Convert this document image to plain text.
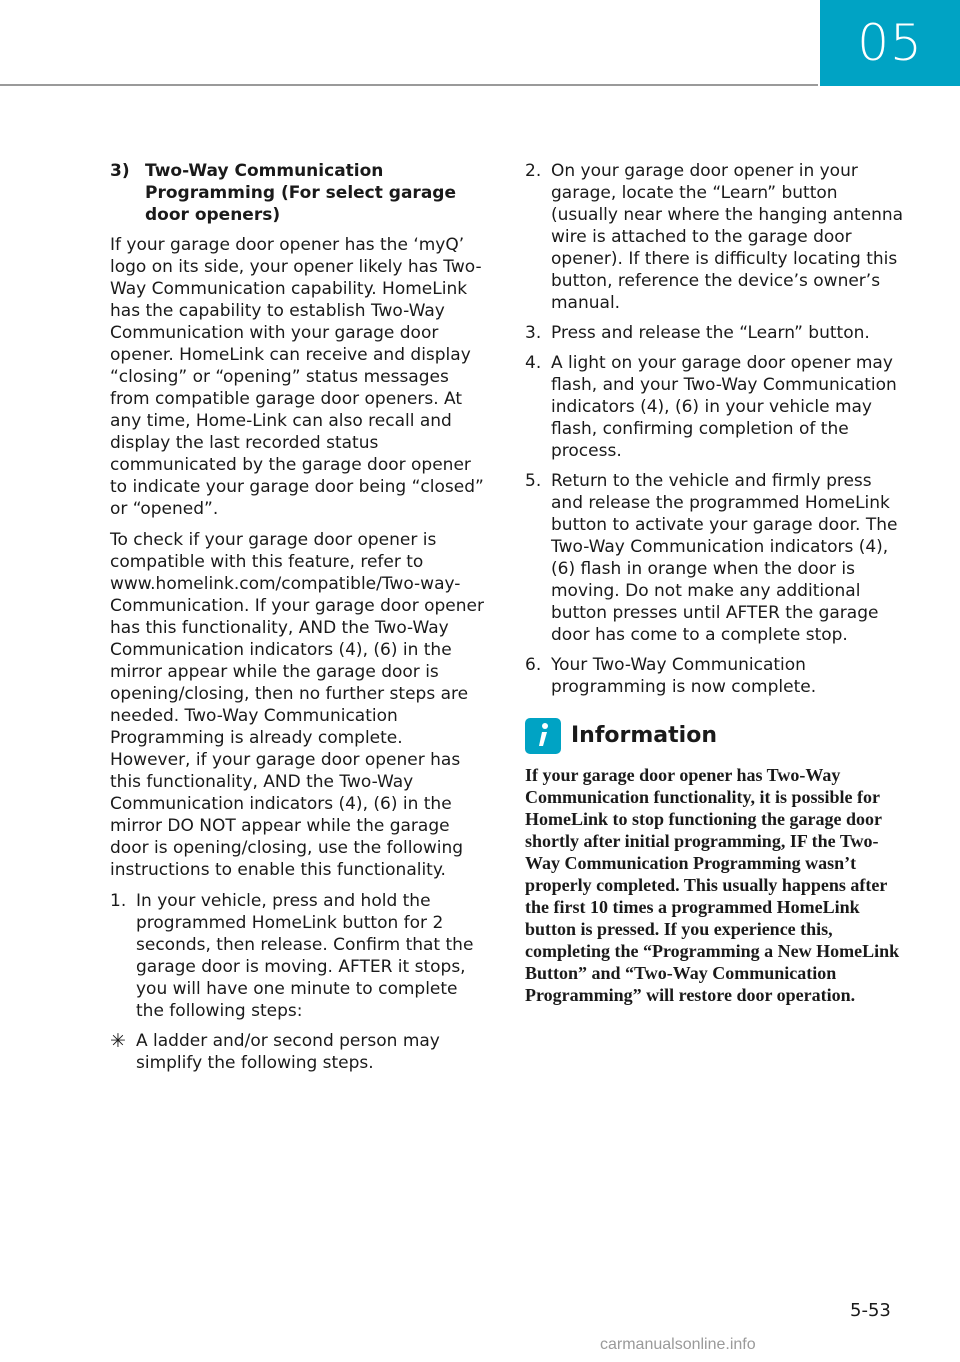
05
3) Two-Way Communication Programming (For select garage door openers)

If your garage door opener has the ‘myQ’ logo on its side, your opener likely has Two-Way Communication capability. HomeLink has the capability to establish Two-Way Communication with your garage door opener. HomeLink can receive and display “closing” or “opening” status messages from compatible garage door openers. At any time, Home-Link can also recall and display the last recorded status communicated by the garage door opener to indicate your garage door being “closed” or “opened”.

To check if your garage door opener is compatible with this feature, refer to www.homelink.com/compatible/Two-way-Communication. If your garage door opener has this functionality, AND the Two-Way Communication indicators (4), (6) in the mirror appear while the garage door is opening/closing, then no further steps are needed. Two-Way Communication Programming is already complete. However, if your garage door opener has this functionality, AND the Two-Way Communication indicators (4), (6) in the mirror DO NOT appear while the garage door is opening/closing, use the following instructions to enable this functionality.

1. In your vehicle, press and hold the programmed HomeLink button for 2 seconds, then release. Confirm that the garage door is moving. AFTER it stops, you will have one minute to complete the following steps:
✳ A ladder and/or second person may simplify the following steps.
2. On your garage door opener in your garage, locate the “Learn” button (usually near where the hanging antenna wire is attached to the garage door opener). If there is difficulty locating this button, reference the device’s owner’s manual.
3. Press and release the “Learn” button.
4. A light on your garage door opener may flash, and your Two-Way Communication indicators (4), (6) in your vehicle may flash, confirming completion of the process.
5. Return to the vehicle and firmly press and release the programmed HomeLink button to activate your garage door. The Two-Way Communication indicators (4), (6) flash in orange when the door is moving. Do not make any additional button presses until AFTER the garage door has come to a complete stop.
6. Your Two-Way Communication programming is now complete.
Information
If your garage door opener has Two-Way Communication functionality, it is possible for HomeLink to stop functioning the garage door shortly after initial programming, IF the Two-Way Communication Programming wasn’t properly completed. This usually happens after the first 10 times a programmed HomeLink button is pressed. If you experience this, completing the “Programming a New HomeLink Button” and “Two-Way Communication Programming” will restore door operation.
5-53
carmanualsonline.info
